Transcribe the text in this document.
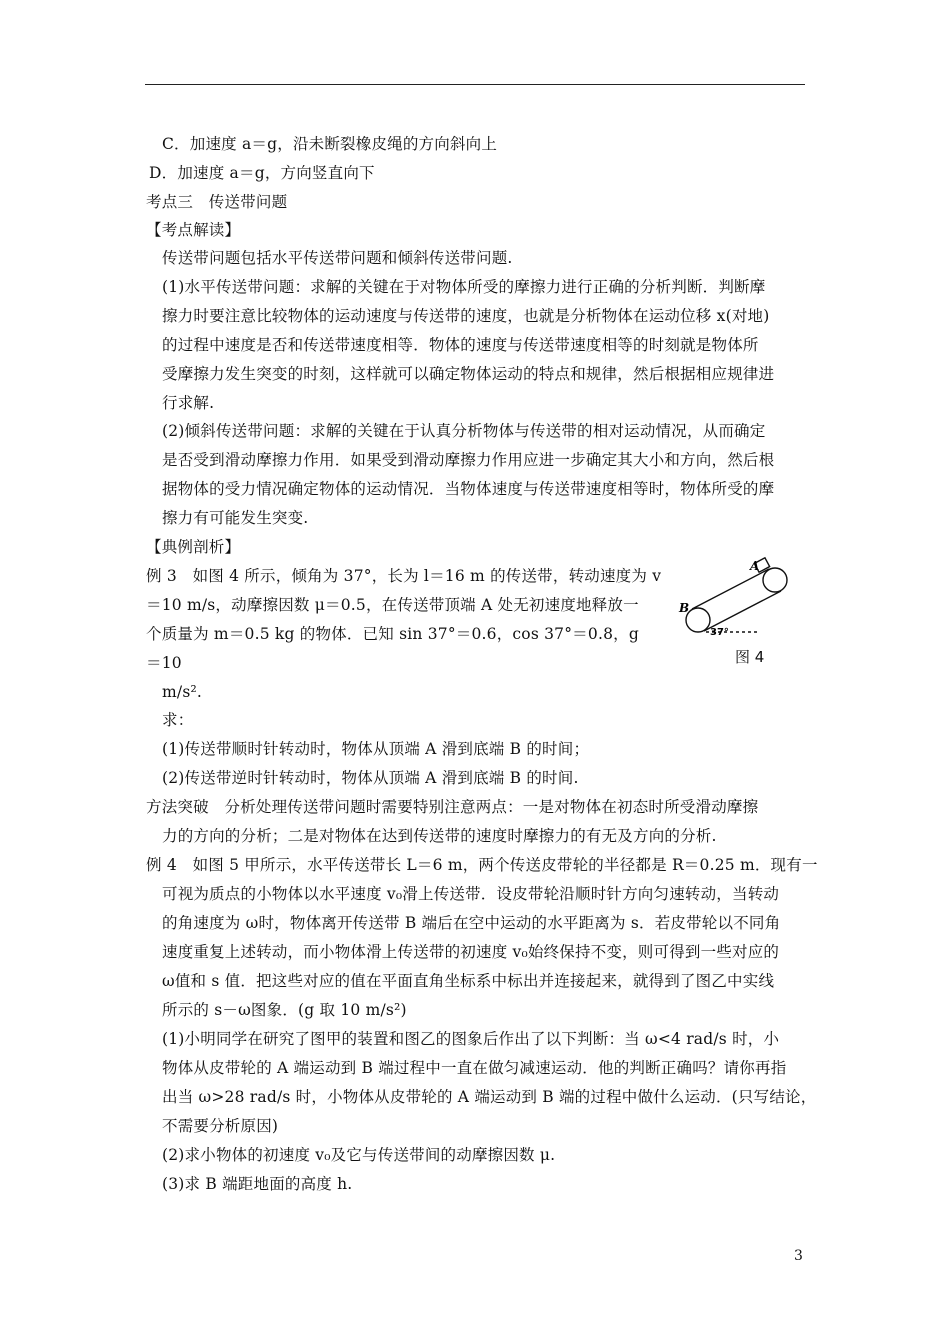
C．加速度 a＝g，沿未断裂橡皮绳的方向斜向上
D．加速度 a＝g，方向竖直向下
考点三　传送带问题
【考点解读】
传送带问题包括水平传送带问题和倾斜传送带问题.
(1)水平传送带问题：求解的关键在于对物体所受的摩擦力进行正确的分析判断．判断摩
擦力时要注意比较物体的运动速度与传送带的速度，也就是分析物体在运动位移 x(对地)
的过程中速度是否和传送带速度相等．物体的速度与传送带速度相等的时刻就是物体所
受摩擦力发生突变的时刻，这样就可以确定物体运动的特点和规律，然后根据相应规律进
行求解.
(2)倾斜传送带问题：求解的关键在于认真分析物体与传送带的相对运动情况，从而确定
是否受到滑动摩擦力作用．如果受到滑动摩擦力作用应进一步确定其大小和方向，然后根
据物体的受力情况确定物体的运动情况．当物体速度与传送带速度相等时，物体所受的摩
擦力有可能发生突变.
【典例剖析】
例 3　如图 4 所示，倾角为 37°，长为 l＝16 m 的传送带，转动速度为 v
＝10 m/s，动摩擦因数 μ＝0.5，在传送带顶端 A 处无初速度地释放一
个质量为 m＝0.5 kg 的物体．已知 sin 37°＝0.6，cos 37°＝0.8，g
＝10
m/s².
求：
(1)传送带顺时针转动时，物体从顶端 A 滑到底端 B 的时间；
(2)传送带逆时针转动时，物体从顶端 A 滑到底端 B 的时间.
方法突破　分析处理传送带问题时需要特别注意两点：一是对物体在初态时所受滑动摩擦
力的方向的分析；二是对物体在达到传送带的速度时摩擦力的有无及方向的分析.
例 4　如图 5 甲所示，水平传送带长 L＝6 m，两个传送皮带轮的半径都是 R＝0.25 m．现有一
可视为质点的小物体以水平速度 v₀滑上传送带．设皮带轮沿顺时针方向匀速转动，当转动
的角速度为 ω时，物体离开传送带 B 端后在空中运动的水平距离为 s．若皮带轮以不同角
速度重复上述转动，而小物体滑上传送带的初速度 v₀始终保持不变，则可得到一些对应的
ω值和 s 值．把这些对应的值在平面直角坐标系中标出并连接起来，就得到了图乙中实线
所示的 s－ω图象．(g 取 10 m/s²)
(1)小明同学在研究了图甲的装置和图乙的图象后作出了以下判断：当 ω<4 rad/s 时，小
物体从皮带轮的 A 端运动到 B 端过程中一直在做匀减速运动．他的判断正确吗？请你再指
出当 ω>28 rad/s 时，小物体从皮带轮的 A 端运动到 B 端的过程中做什么运动．(只写结论，
不需要分析原因)
(2)求小物体的初速度 v₀及它与传送带间的动摩擦因数 μ.
(3)求 B 端距地面的高度 h.
A
B
37°
图 4
3
